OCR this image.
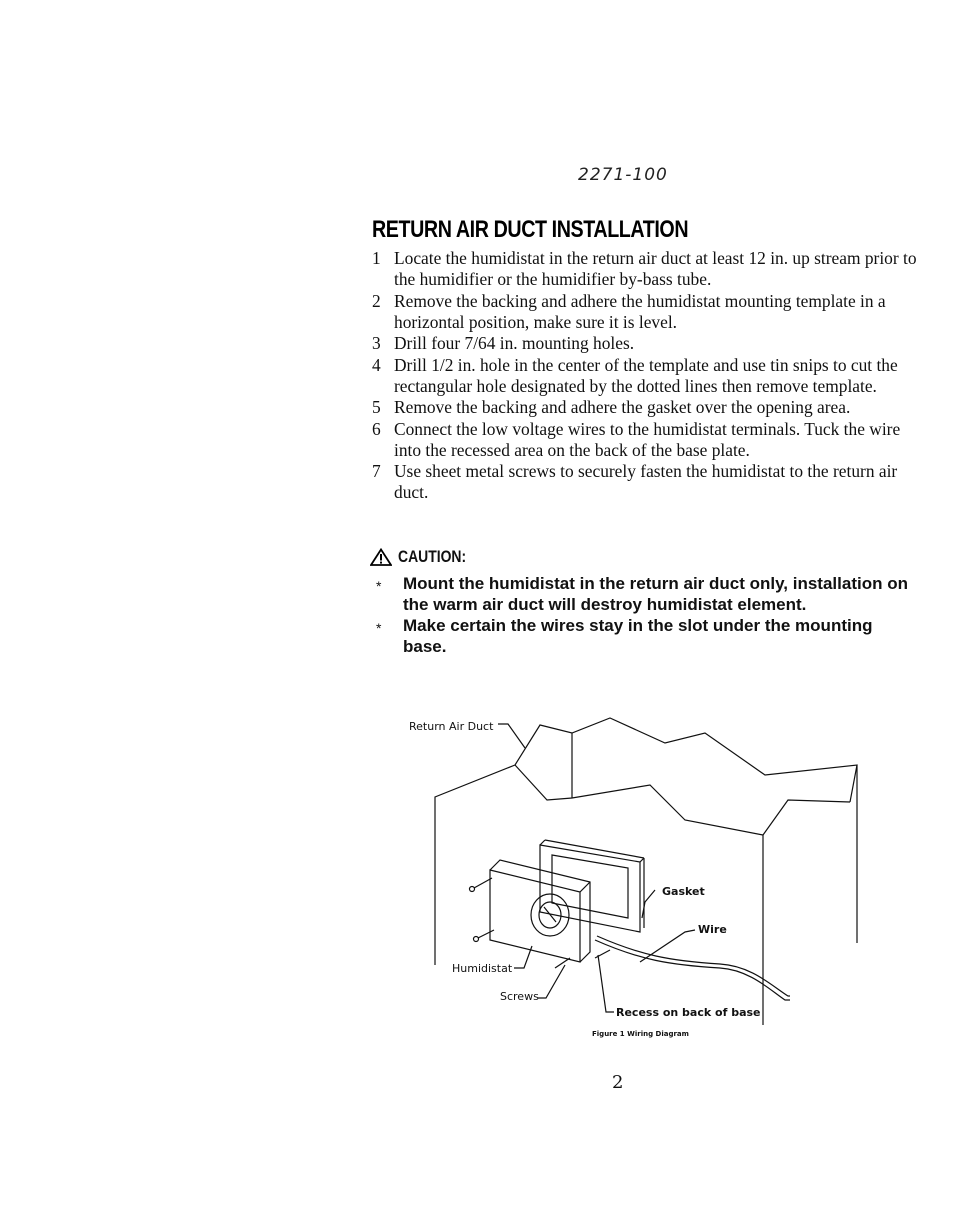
2271-100
RETURN AIR DUCT INSTALLATION
1 Locate the humidistat in the return air duct at least 12 in. up stream prior to the humidifier or the humidifier by-bass tube.
2 Remove the backing and adhere the humidistat mounting template in a horizontal position, make sure it is level.
3 Drill four 7/64 in. mounting holes.
4 Drill 1/2 in. hole in the center of the template and use tin snips to cut the rectangular hole designated by the dotted lines then remove template.
5 Remove the backing and adhere the gasket over the opening area.
6 Connect the low voltage wires to the humidistat terminals. Tuck the wire into the recessed area on the back of the base plate.
7 Use sheet metal screws to securely fasten the humidistat to the return air duct.
CAUTION:
* Mount the humidistat in the return air duct only, installation on the warm air duct will destroy humidistat element.
* Make certain the wires stay in the slot under the mounting base.
Return Air Duct
Gasket
Wire
Humidistat
Screws
Recess on back of base
Figure 1 Wiring Diagram
2
